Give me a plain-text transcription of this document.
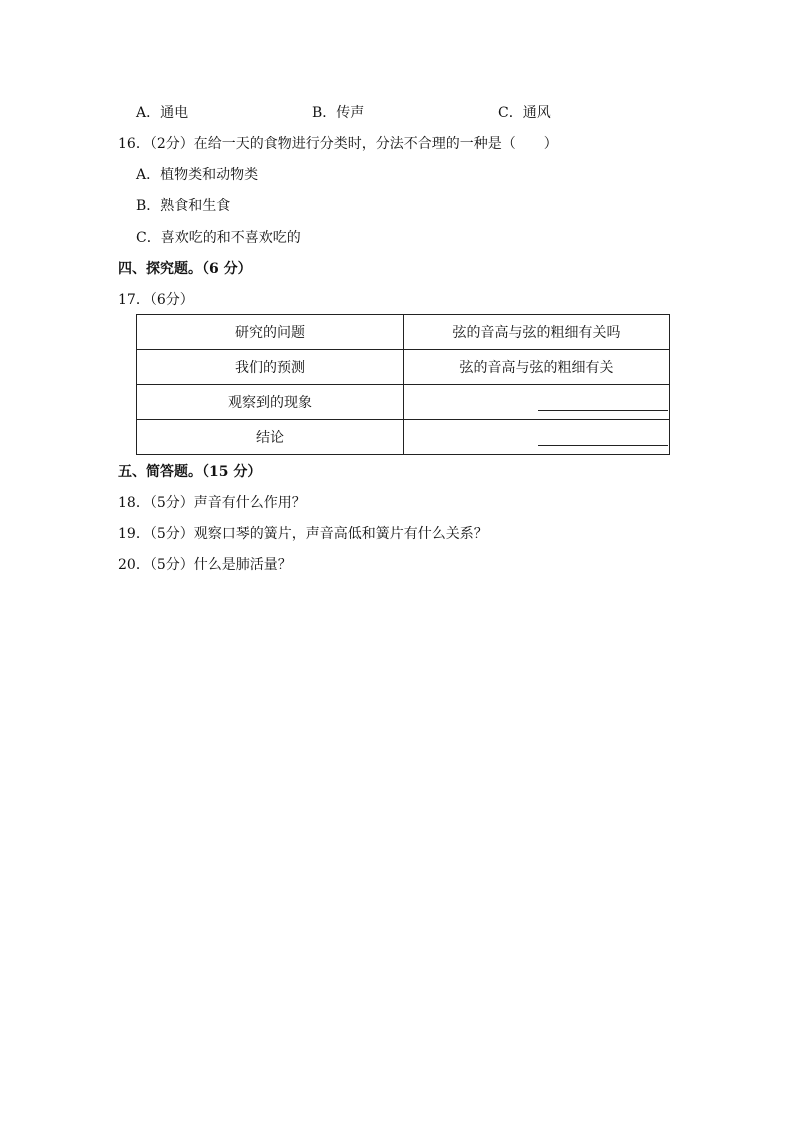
A．通电	B．传声	C．通风
16．（2分）在给一天的食物进行分类时，分法不合理的一种是（　　）
A．植物类和动物类
B．熟食和生食
C．喜欢吃的和不喜欢吃的
四、探究题。（6 分）
17．（6分）
研究的问题	弦的音高与弦的粗细有关吗
我们的预测	弦的音高与弦的粗细有关
观察到的现象	

结论	
五、简答题。（15 分）
18．（5分）声音有什么作用？
19．（5分）观察口琴的簧片，声音高低和簧片有什么关系？
20．（5分）什么是肺活量？
